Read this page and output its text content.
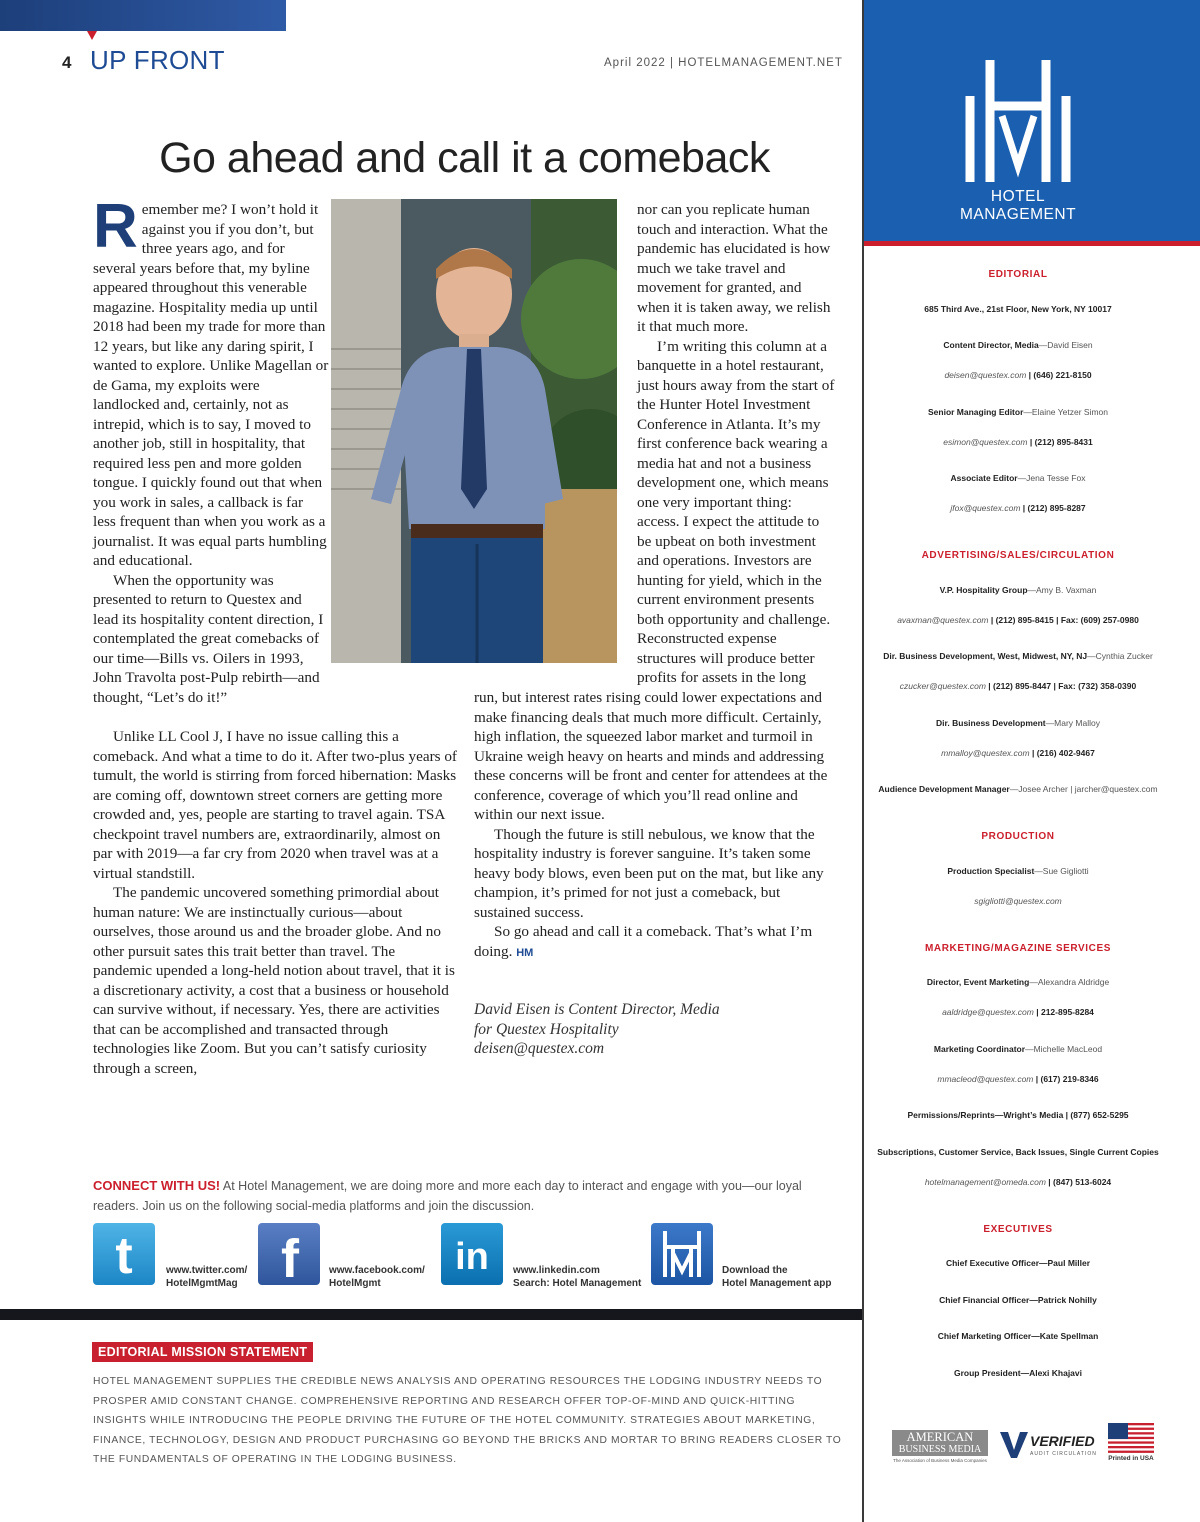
4 UP FRONT	April 2022 | HOTELMANAGEMENT.NET
Go ahead and call it a comeback

Remember me? I won’t hold it against you if you don’t, but three years ago, and for several years before that, my byline appeared throughout this venerable magazine. Hospitality media up until 2018 had been my trade for more than 12 years, but like any daring spirit, I wanted to explore. Unlike Magellan or de Gama, my exploits were landlocked and, certainly, not as intrepid, which is to say, I moved to another job, still in hospitality, that required less pen and more golden tongue. I quickly found out that when you work in sales, a callback is far less frequent than when you work as a journalist. It was equal parts humbling and educational.

When the opportunity was presented to return to Questex and lead its hospitality content direction, I contemplated the great comebacks of our time—Bills vs. Oilers in 1993, John Travolta post-Pulp rebirth—and thought, “Let’s do it!”

Unlike LL Cool J, I have no issue calling this a comeback. And what a time to do it. After two-plus years of tumult, the world is stirring from forced hibernation: Masks are coming off, downtown street corners are getting more crowded and, yes, people are starting to travel again. TSA checkpoint travel numbers are, extraordinarily, almost on par with 2019—a far cry from 2020 when travel was at a virtual standstill.

The pandemic uncovered something primordial about human nature: We are instinctually curious—about ourselves, those around us and the broader globe. And no other pursuit sates this trait better than travel. The pandemic upended a long-held notion about travel, that it is a discretionary activity, a cost that a business or household can survive without, if necessary. Yes, there are activities that can be accomplished and transacted through technologies like Zoom. But you can’t satisfy curiosity through a screen,

nor can you replicate human touch and interaction. What the pandemic has elucidated is how much we take travel and movement for granted, and when it is taken away, we relish it that much more.

I’m writing this column at a banquette in a hotel restaurant, just hours away from the start of the Hunter Hotel Investment Conference in Atlanta. It’s my first conference back wearing a media hat and not a business development one, which means one very important thing: access. I expect the attitude to be upbeat on both investment and operations. Investors are hunting for yield, which in the current environment presents both opportunity and challenge. Reconstructed expense structures will produce better profits for assets in the long

run, but interest rates rising could lower expectations and make financing deals that much more difficult. Certainly, high inflation, the squeezed labor market and turmoil in Ukraine weigh heavy on hearts and minds and addressing these concerns will be front and center for attendees at the conference, coverage of which you’ll read online and within our next issue.

Though the future is still nebulous, we know that the hospitality industry is forever sanguine. It’s taken some heavy body blows, even been put on the mat, but like any champion, it’s primed for not just a comeback, but sustained success.

So go ahead and call it a comeback. That’s what I’m doing. HM

David Eisen is Content Director, Media
for Questex Hospitality
deisen@questex.com
CONNECT WITH US! At Hotel Management, we are doing more and more each day to interact and engage with you—our loyal readers. Join us on the following social-media platforms and join the discussion.
t	www.twitter.com/
HotelMgmtMag f	www.facebook.com/
HotelMgmt
in www.linkedin.com
Search: Hotel Management
Download the
Hotel Management app
EDITORIAL MISSION STATEMENT
HOTEL MANAGEMENT SUPPLIES THE CREDIBLE NEWS ANALYSIS AND OPERATING RESOURCES THE LODGING INDUSTRY NEEDS TO PROSPER AMID CONSTANT CHANGE. COMPREHENSIVE REPORTING AND RESEARCH OFFER TOP-OF-MIND AND QUICK-HITTING INSIGHTS WHILE INTRODUCING THE PEOPLE DRIVING THE FUTURE OF THE HOTEL COMMUNITY. STRATEGIES ABOUT MARKETING, FINANCE, TECHNOLOGY, DESIGN AND PRODUCT PURCHASING GO BEYOND THE BRICKS AND MORTAR TO BRING READERS CLOSER TO THE FUNDAMENTALS OF OPERATING IN THE LODGING BUSINESS.
HOTEL
MANAGEMENT
EDITORIAL
685 Third Ave., 21st Floor, New York, NY 10017
Content Director, Media—David Eisen
deisen@questex.com | (646) 221-8150
Senior Managing Editor—Elaine Yetzer Simon
esimon@questex.com | (212) 895-8431
Associate Editor—Jena Tesse Fox
jfox@questex.com | (212) 895-8287
ADVERTISING/SALES/CIRCULATION
V.P. Hospitality Group—Amy B. Vaxman
avaxman@questex.com | (212) 895-8415 | Fax: (609) 257-0980
Dir. Business Development, West, Midwest, NY, NJ—Cynthia Zucker
czucker@questex.com | (212) 895-8447 | Fax: (732) 358-0390
Dir. Business Development—Mary Malloy
mmalloy@questex.com | (216) 402-9467
Audience Development Manager—Josee Archer | jarcher@questex.com
PRODUCTION
Production Specialist—Sue Gigliotti
sgigliotti@questex.com
MARKETING/MAGAZINE SERVICES
Director, Event Marketing—Alexandra Aldridge
aaldridge@questex.com | 212-895-8284
Marketing Coordinator—Michelle MacLeod
mmacleod@questex.com | (617) 219-8346
Permissions/Reprints—Wright’s Media | (877) 652-5295
Subscriptions, Customer Service, Back Issues, Single Current Copies
hotelmanagement@omeda.com | (847) 513-6024
EXECUTIVES
Chief Executive Officer—Paul Miller
Chief Financial Officer—Patrick Nohilly
Chief Marketing Officer—Kate Spellman
Group President—Alexi Khajavi
AMERICAN
BUSINESS MEDIA
The Association of Business Media Companies
VERIFIED
AUDIT CIRCULATION
Printed in USA
